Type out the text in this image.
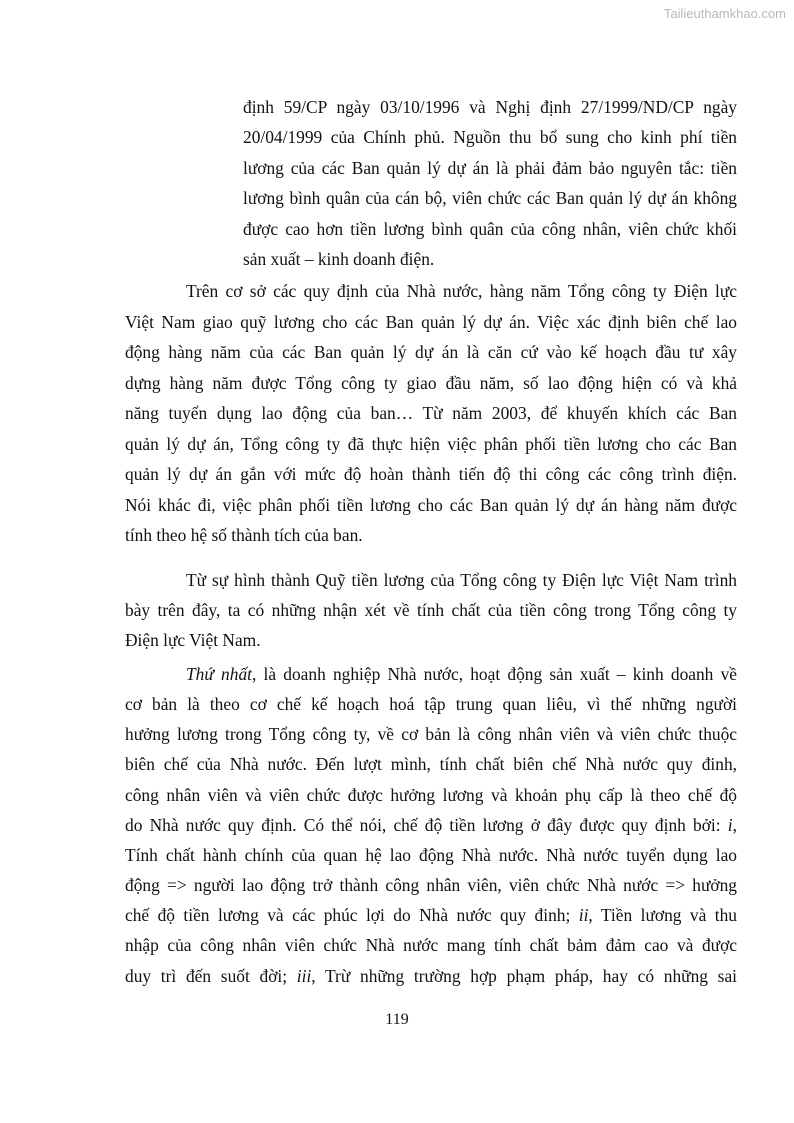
Tailieuthamkhao.com
định 59/CP ngày 03/10/1996 và Nghị định 27/1999/ND/CP ngày
20/04/1999 của Chính phủ. Nguồn thu bổ sung cho kinh phí tiền
lương của các Ban quản lý dự án là phải đảm bảo nguyên tắc: tiền
lương bình quân của cán bộ, viên chức các Ban quản lý dự án không
được cao hơn tiền lương bình quân của công nhân, viên chức khối
sản xuất – kinh doanh điện.
Trên cơ sở các quy định của Nhà nước, hàng năm Tổng công ty Điện lực
Việt Nam giao quỹ lương cho các Ban quản lý dự án. Việc xác định biên chế lao
động hàng năm của các Ban quản lý dự án là căn cứ vào kế hoạch đầu tư xây
dựng hàng năm được Tổng công ty giao đầu năm, số lao động hiện có và khả
năng tuyển dụng lao động của ban… Từ năm 2003, để khuyến khích các Ban
quản lý dự án, Tổng công ty đã thực hiện việc phân phối tiền lương cho các Ban
quản lý dự án gắn với mức độ hoàn thành tiến độ thi công các công trình điện.
Nói khác đi, việc phân phối tiền lương cho các Ban quản lý dự án hàng năm được
tính theo hệ số thành tích của ban.
Từ sự hình thành Quỹ tiền lương của Tổng công ty Điện lực Việt Nam trình
bày trên đây, ta có những nhận xét về tính chất của tiền công trong Tổng công ty
Điện lực Việt Nam.
Thứ nhất, là doanh nghiệp Nhà nước, hoạt động sản xuất – kinh doanh về
cơ bản là theo cơ chế kế hoạch hoá tập trung quan liêu, vì thế những người
hưởng lương trong Tổng công ty, về cơ bản là công nhân viên và viên chức thuộc
biên chế của Nhà nước. Đến lượt mình, tính chất biên chế Nhà nước quy đinh,
công nhân viên và viên chức được hưởng lương và khoản phụ cấp là theo chế độ
do Nhà nước quy định. Có thể nói, chế độ tiền lương ở đây được quy định bởi: i,
Tính chất hành chính của quan hệ lao động Nhà nước. Nhà nước tuyển dụng lao
động => người lao động trở thành công nhân viên, viên chức Nhà nước => hưởng
chế độ tiền lương và các phúc lợi do Nhà nước quy đinh; ii, Tiền lương và thu
nhập của công nhân viên chức Nhà nước mang tính chất bảm đảm cao và được
duy trì đến suốt đời; iii, Trừ những trường hợp phạm pháp, hay có những sai
119
